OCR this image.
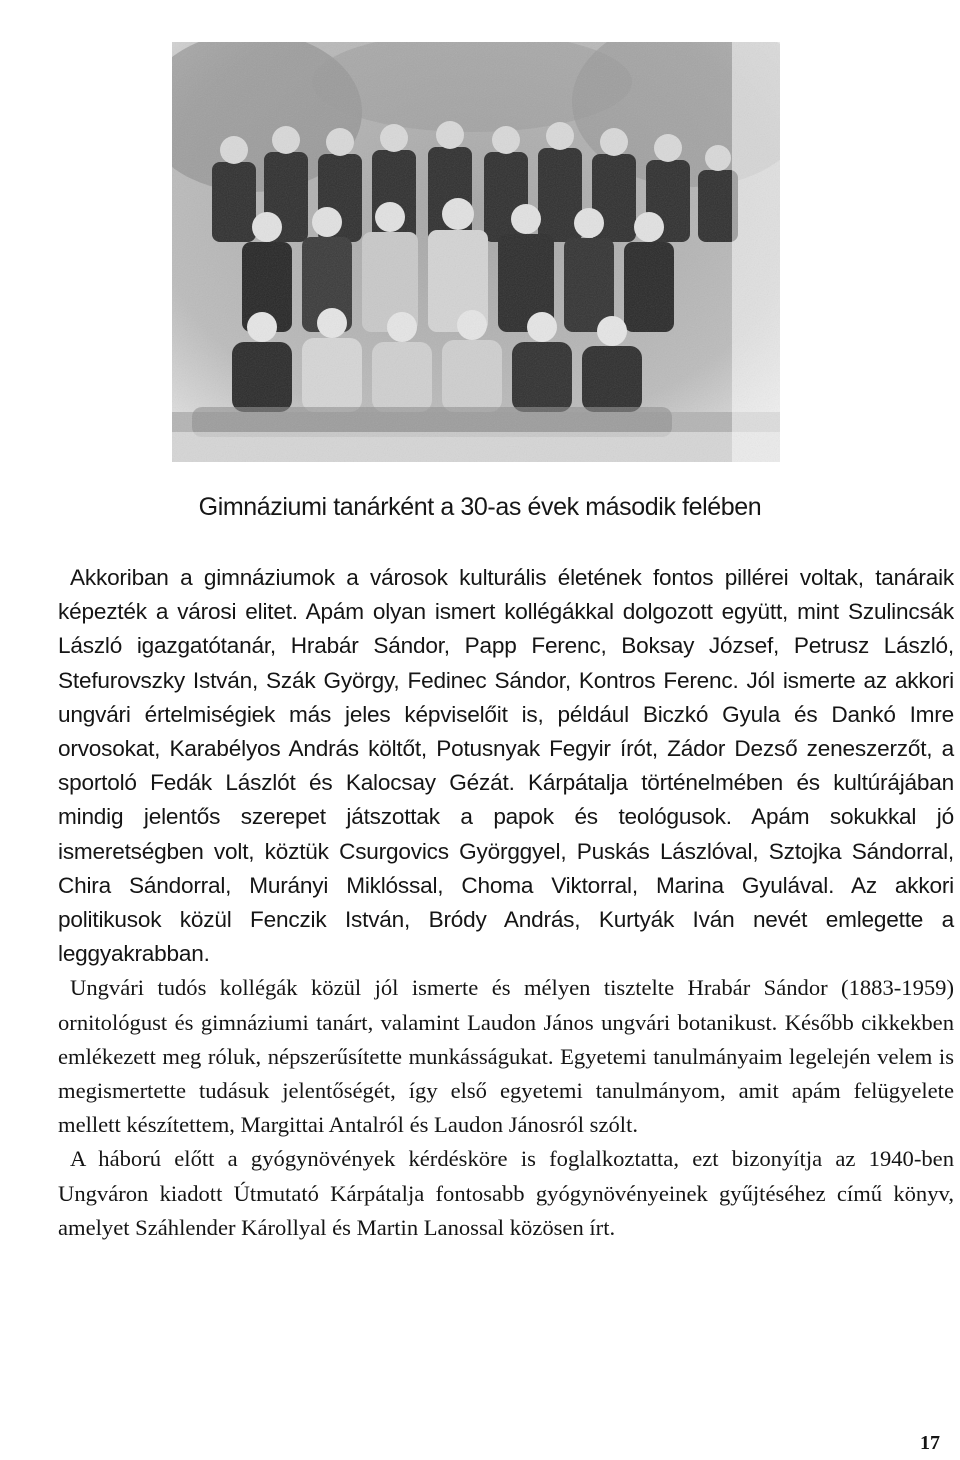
Gimnáziumi tanárként a 30-as évek második felében

Akkoriban a gimnáziumok a városok kulturális életének fontos pillérei voltak, tanáraik képezték a városi elitet. Apám olyan ismert kollégákkal dolgozott együtt, mint Szulincsák László igazgatótanár, Hrabár Sándor, Papp Ferenc, Boksay József, Petrusz László, Stefurovszky István, Szák György, Fedinec Sándor, Kontros Ferenc. Jól ismerte az akkori ungvári értelmiségiek más jeles képviselőit is, például Biczkó Gyula és Dankó Imre orvosokat, Karabélyos András költőt, Potusnyak Fegyir írót, Zádor Dezső zeneszerzőt, a sportoló Fedák Lászlót és Kalocsay Gézát. Kárpátalja történelmében és kultúrájában mindig jelentős szerepet játszottak a papok és teológusok. Apám sokukkal jó ismeretségben volt, köztük Csurgovics Györggyel, Puskás Lászlóval, Sztojka Sándorral, Chira Sándorral, Murányi Miklóssal, Choma Viktorral, Marina Gyulával. Az akkori politikusok közül Fenczik István, Bródy András, Kurtyák Iván nevét emlegette a leggyakrabban.

Ungvári tudós kollégák közül jól ismerte és mélyen tisztelte Hrabár Sándor (1883-1959) ornitológust és gimnáziumi tanárt, valamint Laudon János ungvári botanikust. Később cikkekben emlékezett meg róluk, népszerűsítette munkásságukat. Egyetemi tanulmányaim legelején velem is megismertette tudásuk jelentőségét, így első egyetemi tanulmányom, amit apám felügyelete mellett készítettem, Margittai Antalról és Laudon Jánosról szólt.

A háború előtt a gyógynövények kérdésköre is foglalkoztatta, ezt bizonyítja az 1940-ben Ungváron kiadott Útmutató Kárpátalja fontosabb gyógynövényeinek gyűjtéséhez című könyv, amelyet Száhlender Károllyal és Martin Lanossal közösen írt.

17
